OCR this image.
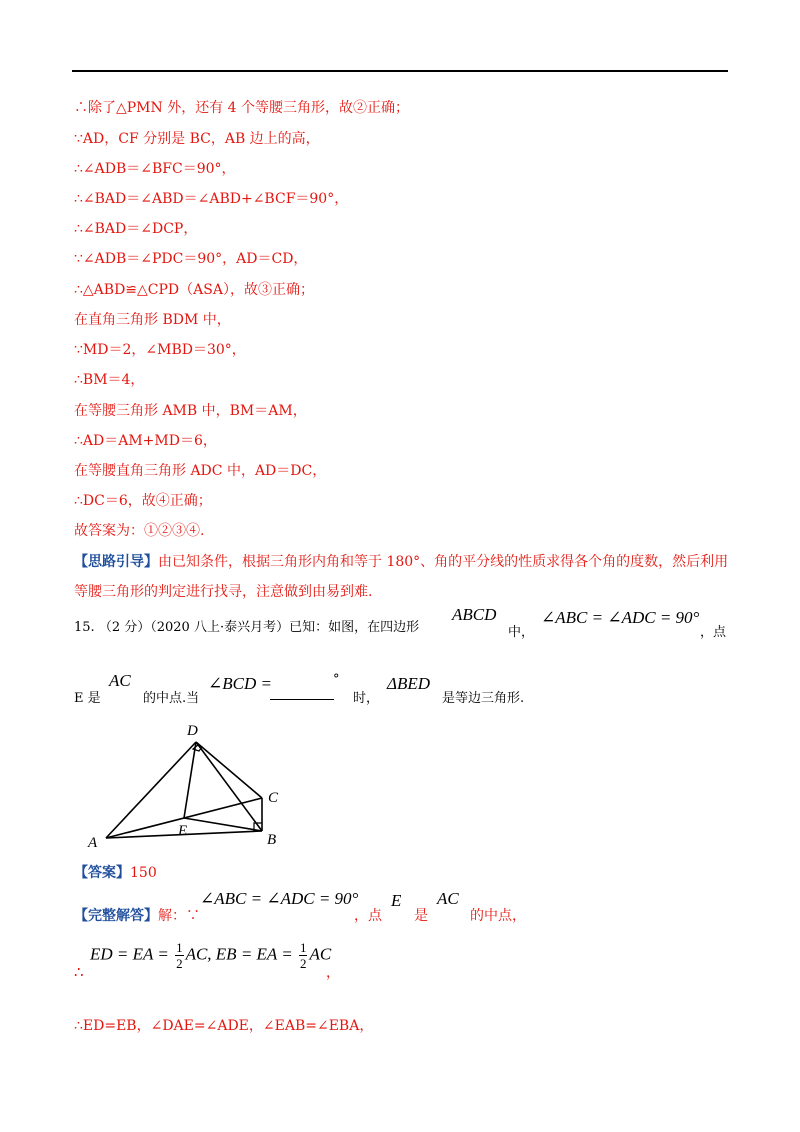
∴除了△PMN 外，还有 4 个等腰三角形，故②正确；
∵AD，CF 分别是 BC，AB 边上的高，
∴∠ADB＝∠BFC＝90°，
∴∠BAD＝∠ABD＝∠ABD+∠BCF＝90°，
∴∠BAD＝∠DCP，
∵∠ADB＝∠PDC＝90°，AD＝CD，
∴△ABD≌△CPD（ASA），故③正确；
在直角三角形 BDM 中，
∵MD＝2，∠MBD＝30°，
∴BM＝4，
在等腰三角形 AMB 中，BM＝AM，
∴AD＝AM+MD＝6，
在等腰直角三角形 ADC 中，AD＝DC，
∴DC＝6，故④正确；
故答案为：①②③④.
【思路引导】由已知条件，根据三角形内角和等于 180°、角的平分线的性质求得各个角的度数，然后利用
等腰三角形的判定进行找寻，注意做到由易到难.
15. （2 分）（2020 八上·泰兴月考）已知：如图，在四边形
ABCD
中，
∠ABC = ∠ADC = 90°
，点
E 是
AC
的中点.当
∠BCD =	°
时，
ΔBED
是等边三角形.
A	B
C
D
E
【答案】150
【完整解答】解：∵
∠ABC = ∠ADC = 90°
，点
E
是
AC
的中点，
∴
ED = EA = $\frac{1}{2}$ AC, EB = EA = $\frac{1}{2}$ AC
，
∴ED=EB，∠DAE=∠ADE，∠EAB=∠EBA，
